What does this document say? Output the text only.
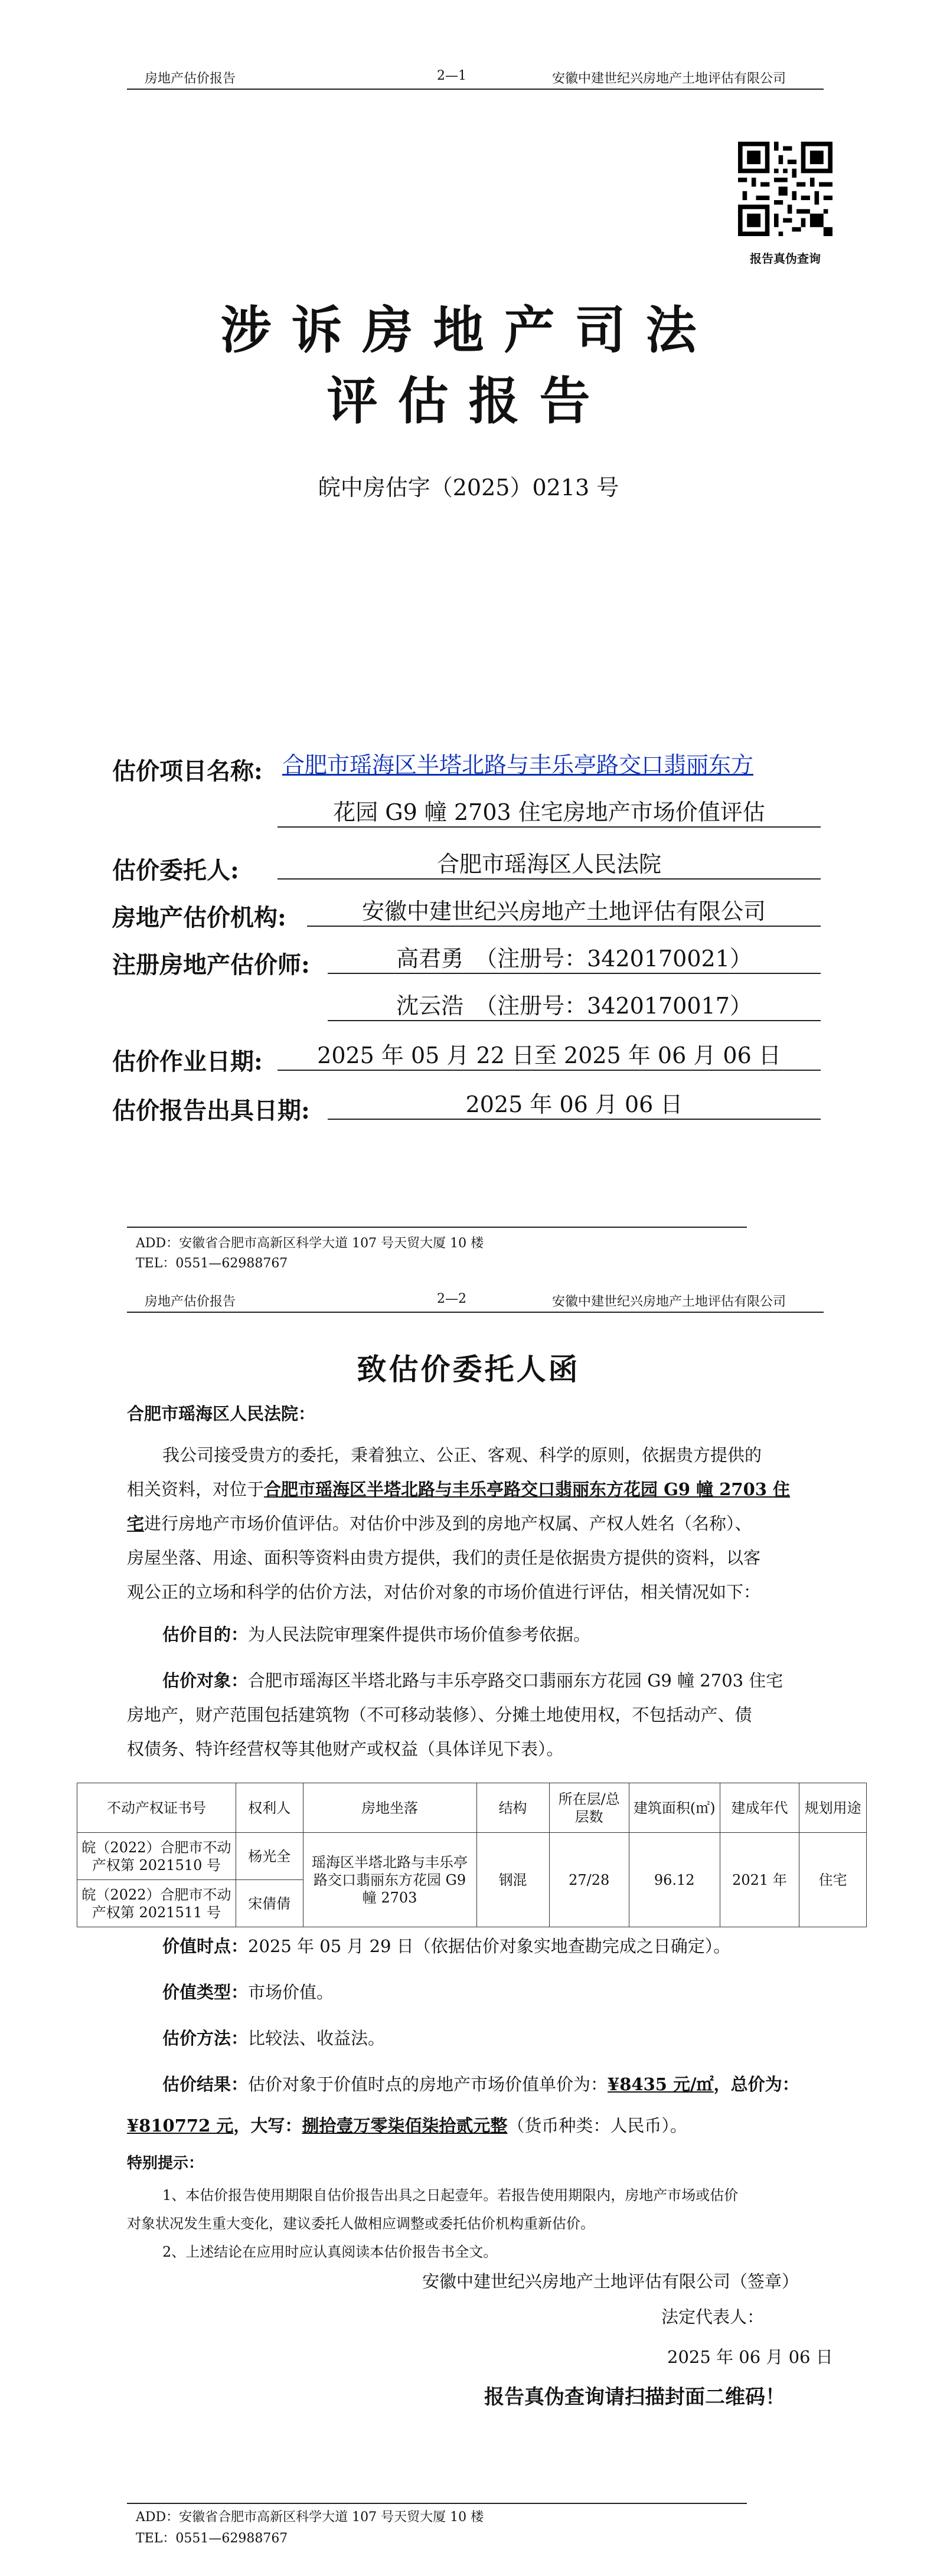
房地产估价报告	2—1	安徽中建世纪兴房地产土地评估有限公司
报告真伪查询
涉诉房地产司法
评估报告
皖中房估字（2025）0213 号
估价项目名称: 合肥市瑶海区半塔北路与丰乐亭路交口翡丽东方
花园 G9 幢 2703 住宅房地产市场价值评估
估价委托人:	合肥市瑶海区人民法院
房地产估价机构:	安徽中建世纪兴房地产土地评估有限公司
注册房地产估价师:	高君勇　（注册号：3420170021）
沈云浩　（注册号：3420170017）
估价作业日期:	2025 年 05 月 22 日至 2025 年 06 月 06 日
估价报告出具日期:	2025 年 06 月 06 日
ADD：安徽省合肥市高新区科学大道 107 号天贸大厦 10 楼
TEL：0551—62988767
房地产估价报告	2—2	安徽中建世纪兴房地产土地评估有限公司
致估价委托人函
合肥市瑶海区人民法院：
我公司接受贵方的委托，秉着独立、公正、客观、科学的原则，依据贵方提供的
相关资料，对位于合肥市瑶海区半塔北路与丰乐亭路交口翡丽东方花园 G9 幢 2703 住
宅进行房地产市场价值评估。对估价中涉及到的房地产权属、产权人姓名（名称）、
房屋坐落、用途、面积等资料由贵方提供，我们的责任是依据贵方提供的资料，以客
观公正的立场和科学的估价方法，对估价对象的市场价值进行评估，相关情况如下：
估价目的：为人民法院审理案件提供市场价值参考依据。
估价对象：合肥市瑶海区半塔北路与丰乐亭路交口翡丽东方花园 G9 幢 2703 住宅
房地产，财产范围包括建筑物（不可移动装修）、分摊土地使用权，不包括动产、债
权债务、特许经营权等其他财产或权益（具体详见下表）。
不动产权证书号	权利人	房地坐落	结构	所在层/总层数	建筑面积(㎡)	建成年代	规划用途
皖（2022）合肥市不动产权第 2021510 号	杨光全	瑶海区半塔北路与丰乐亭路交口翡丽东方花园 G9 幢 2703	钢混	27/28	96.12	2021 年	住宅
皖（2022）合肥市不动产权第 2021511 号	宋倩倩						
价值时点：2025 年 05 月 29 日（依据估价对象实地查勘完成之日确定）。
价值类型：市场价值。
估价方法：比较法、收益法。
估价结果：估价对象于价值时点的房地产市场价值单价为：¥8435 元/㎡，总价为：
¥810772 元，大写：捌拾壹万零柒佰柒拾贰元整（货币种类：人民币）。
特别提示：
1、本估价报告使用期限自估价报告出具之日起壹年。若报告使用期限内，房地产市场或估价
对象状况发生重大变化，建议委托人做相应调整或委托估价机构重新估价。
2、上述结论在应用时应认真阅读本估价报告书全文。
安徽中建世纪兴房地产土地评估有限公司（签章）
法定代表人：
2025 年 06 月 06 日
报告真伪查询请扫描封面二维码！
ADD：安徽省合肥市高新区科学大道 107 号天贸大厦 10 楼
TEL：0551—62988767
